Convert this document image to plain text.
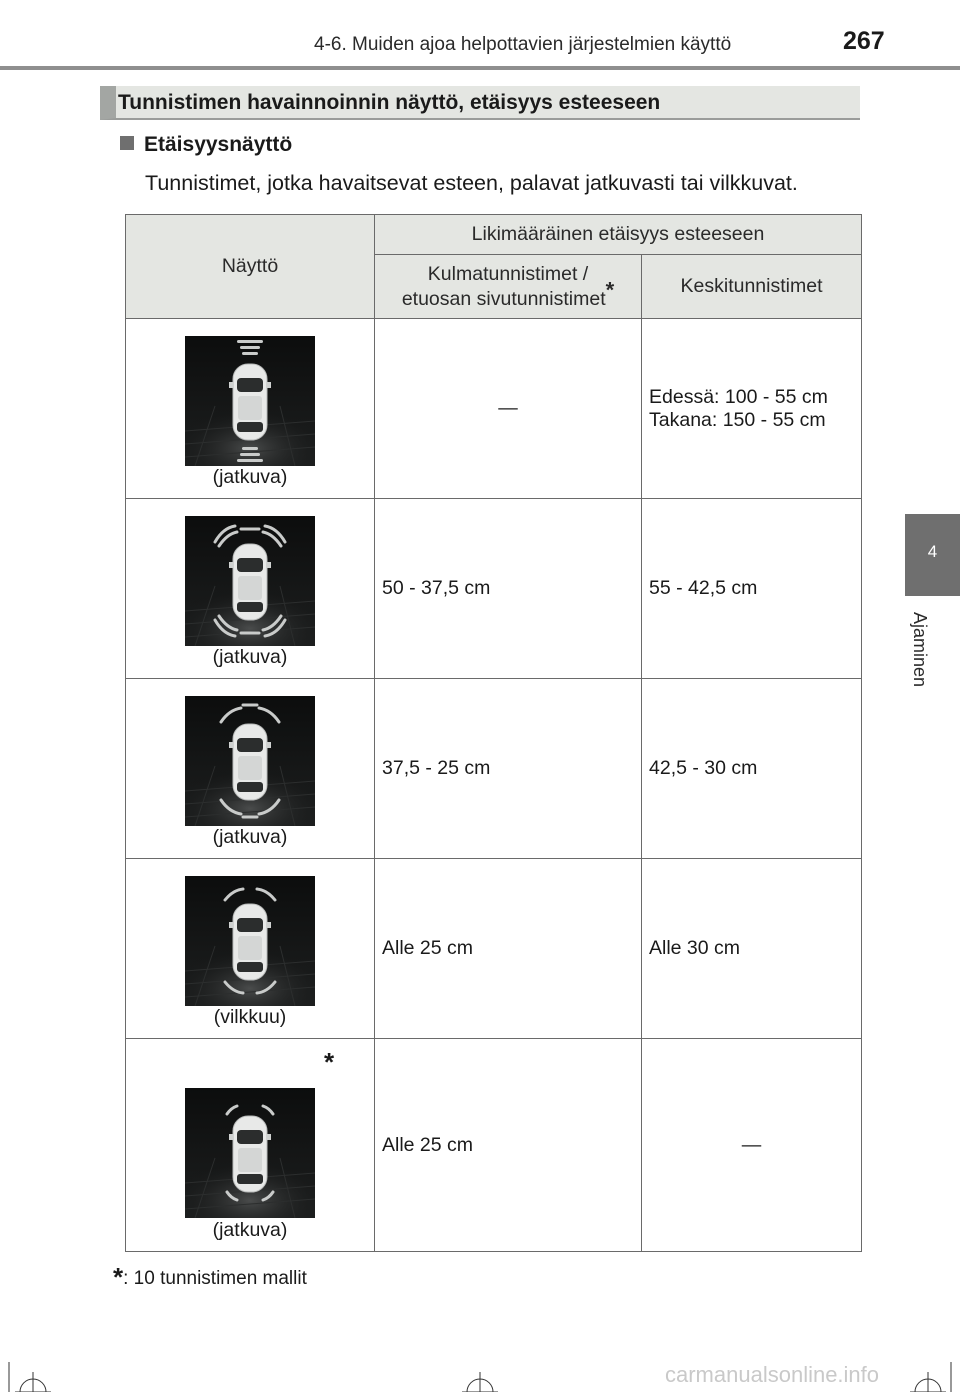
4-6. Muiden ajoa helpottavien järjestelmien käyttö	267
Tunnistimen havainnoinnin näyttö, etäisyys esteeseen
Etäisyysnäyttö
Tunnistimet, jotka havaitsevat esteen, palavat jatkuvasti tai vilkkuvat.
Näyttö	Likimääräinen etäisyys esteeseen	
	Kulmatunnistimet /
etuosan sivutunnistimet*	Keskitunnistimet

(jatkuva)	—	Edessä: 100 - 55 cm
Takana: 150 - 55 cm

(jatkuva)	50 - 37,5 cm	55 - 42,5 cm

(jatkuva)	37,5 - 25 cm	42,5 - 30 cm

(vilkkuu)	Alle 25 cm	Alle 30 cm

*
(jatkuva)	Alle 25 cm	—
*: 10 tunnistimen mallit
4
Ajaminen
carmanualsonline.info
